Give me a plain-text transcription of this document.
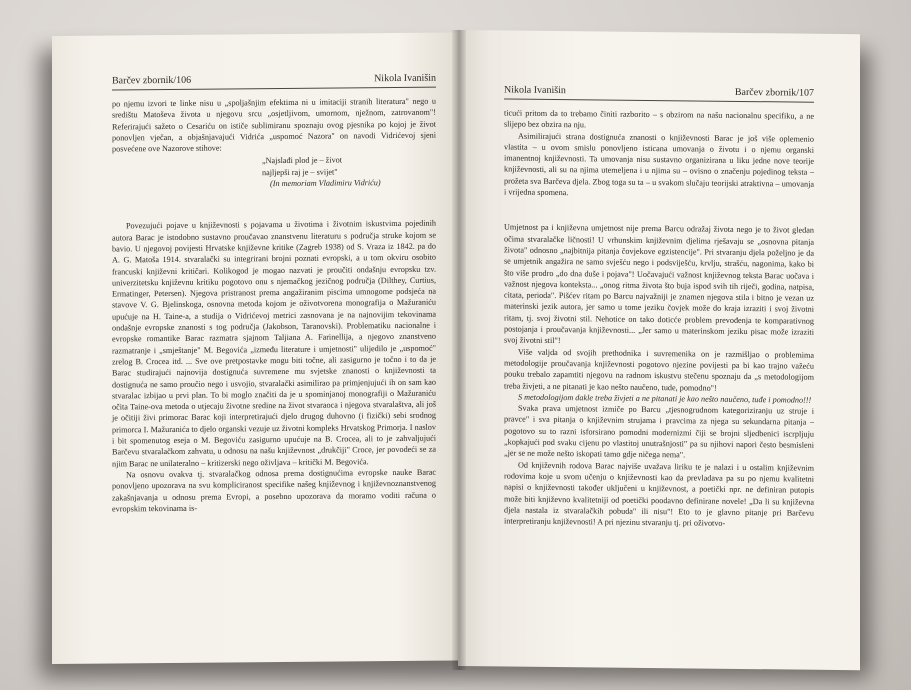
Barčev zbornik/106	Nikola Ivanišin

po njemu izvori te linke nisu u „spoljašnjim efektima ni u imitaciji stranih literatura" nego u središtu Matoševa života u njegovu srcu „osjetljivom, umornom, nježnom, zatrovanom"! Referirajući sažeto o Cesariću on ističe sublimiranu spoznaju ovog pjesnika po kojoj je život ponovljen vječan, a objašnjavajući Vidrića „uspomoć Nazora" on navodi Vidrićevoj sjeni posvećene ove Nazorove stihove:

„Najslađi plod je – život
najljepši raj je – svijet"
(In memoriam Vladimiru Vidriću)

Povezujući pojave u književnosti s pojavama u životima i životnim iskustvima pojedinih autora Barac je istodobno sustavno proučavao znanstvenu literaturu s područja struke kojom se bavio. U njegovoj povijesti Hrvatske književne kritike (Zagreb 1938) od S. Vraza iz 1842. pa do A. G. Matoša 1914. stvaralački su integrirani brojni poznati evropski, a u tom okviru osobito francuski književni kritičari. Kolikogod je mogao nazvati je proučiti ondašnju evropsku tzv. univerzitetsku književnu kritiku pogotovo onu s njemačkog jezičnog područja (Dilthey, Curtius, Ermatinger, Petersen). Njegova pristranost prema angažiranim piscima umnogome podsjeća na stavove V. G. Bjelinskoga, osnovna metoda kojom je oživotvorena monografija o Mažuraniću upućuje na H. Taine-a, a studija o Vidrićevoj metrici zasnovana je na najnovijim tekovinama ondašnje evropske znanosti s tog područja (Jakobson, Taranovski). Problematiku nacionalne i evropske romantike Barac razmatra sjajnom Taljiana A. Farinellija, a njegovo znanstveno razmatranje i „smještanje" M. Begovića „između literature i umjetnosti" ulijedilo je „uspomoć" zrelog B. Crocea itd. ... Sve ove pretpostavke mogu biti točne, ali zasigurno je točno i to da je Barac studirajući najnovija dostignuća suvremene mu svjetske znanosti o književnosti ta dostignuća ne samo proučio nego i usvojio, stvaralački asimilirao pa primjenjujući ih on sam kao stvaralac izbijao u prvi plan. To bi moglo značiti da je u spominjanoj monografiji o Mažuraniću očita Taine-ova metoda o utjecaju životne sredine na život stvaraoca i njegova stvaralaštva, ali još je očitiji živi primorac Barac koji interpretirajući djelo drugog duhovno (i fizički) sebi srodnog primorca I. Mažuranića to djelo organski vezuje uz životni kompleks Hrvatskog Primorja. I naslov i bit spomenutog eseja o M. Begoviću zasigurno upućuje na B. Crocea, ali to je zahvaljujući Barčevu stvaralačkom zahvatu, u odnosu na našu književnost „drukčiji" Croce, jer povodeći se za njim Barac ne unilateralno – kritizerski nego oživljava – kritički M. Begovića.

Na osnovu ovakva tj. stvaralačkog odnosa prema dostignućima evropske nauke Barac ponovljeno upozorava na svu kompliciranost specifike našeg književnog i književnoznanstvenog zakašnjavanja u odnosu prema Evropi, a posebno upozorava da moramo voditi računa o evropskim tekovinama is-

Nikola Ivanišin	Barčev zbornik/107

ticući pritom da to trebamo činiti razborito – s obzirom na našu nacionalnu specifiku, a ne slijepo bez obzira na nju.

Asimilirajući strana dostignuća znanosti o književnosti Barac je još više oplemenio vlastita – u ovom smislu ponovljeno isticana umovanja o životu i o njemu organski imanentnoj književnosti. Ta umovanja nisu sustavno organizirana u liku jedne nove teorije književnosti, ali su na njima utemeljena i u njima su – ovisno o značenju pojedinog teksta – prožeta sva Barčeva djela. Zbog toga su ta – u svakom slučaju teorijski atraktivna – umovanja i vrijedna spomena.

Umjetnost pa i književna umjetnost nije prema Barcu odražaj života nego je to život gledan očima stvaralačke ličnosti! U vrhunskim književnim djelima rješavaju se „osnovna pitanja života" odnosno „najbitnija pitanja čovjekove egzistencije". Pri stvaranju djela poželjno je da se umjetnik angažira ne samo svješću nego i podsviješću, krvlju, strašću, nagonima, kako bi što više prodro „do dna duše i pojava"! Uočavajući važnost književnog teksta Barac uočava i važnost njegova konteksta... „onog ritma života što buja ispod svih tih riječi, godina, natpisa, citata, perioda". Pišćev ritam po Barcu najvažniji je znamen njegova stila i bitno je vezan uz materinski jezik autora, jer samo u tome jeziku čovjek može do kraja izraziti i svoj životni ritam, tj. svoj životni stil. Nehotice on tako doticće problem prevođenja te komparativnog postojanja i proučavanja književnosti... „Jer samo u materinskom jeziku pisac može izraziti svoj životni stil"!

Više valjda od svojih prethodnika i suvremenika on je razmišljao o problemima metodologije proučavanja književnosti pogotovo njezine povijesti pa bi kao trajno važeću pouku trebalo zapamtiti njegovu na radnom iskustvu stečenu spoznaju da „s metodologijom treba živjeti, a ne pitanati je kao nešto naučeno, tude, pomodno"!

S metodologijom dakle treba živjeti a ne pitanati je kao nešto naučeno, tuđe i pomodno!!!

Svaka prava umjetnost izmiče po Barcu „tjesnogrudnom kategoriziranju uz struje i pravce" i sva pitanja o književnim strujama i pravcima za njega su sekundarna pitanja – pogotovo su to razni isforsirano pomodni modernizmi čiji se brojni sljedbenici iscrpljuju „kopkajući pod svaku cijenu po vlastitoj unutrašnjosti" pa su njihovi napori često besmisleni „jer se ne može nešto iskopati tamo gdje ničega nema".

Od književnih rodova Barac najviše uvažava liriku te je nalazi i u ostalim književnim rodovima koje u svom učenju o književnosti kao da prevladava pa su po njemu kvalitetni napisi o književnosti također uključeni u književnost, a poetički npr. ne definiran putopis može biti književno kvalitetniji od poetički poodavno definirane novele! „Da li su književna djela nastala iz stvaralačkih pobuda" ili nisu"! Eto to je glavno pitanje pri Barčevu interpretiranju književnosti! A pri njezinu stvaranju tj. pri oživotvo-
